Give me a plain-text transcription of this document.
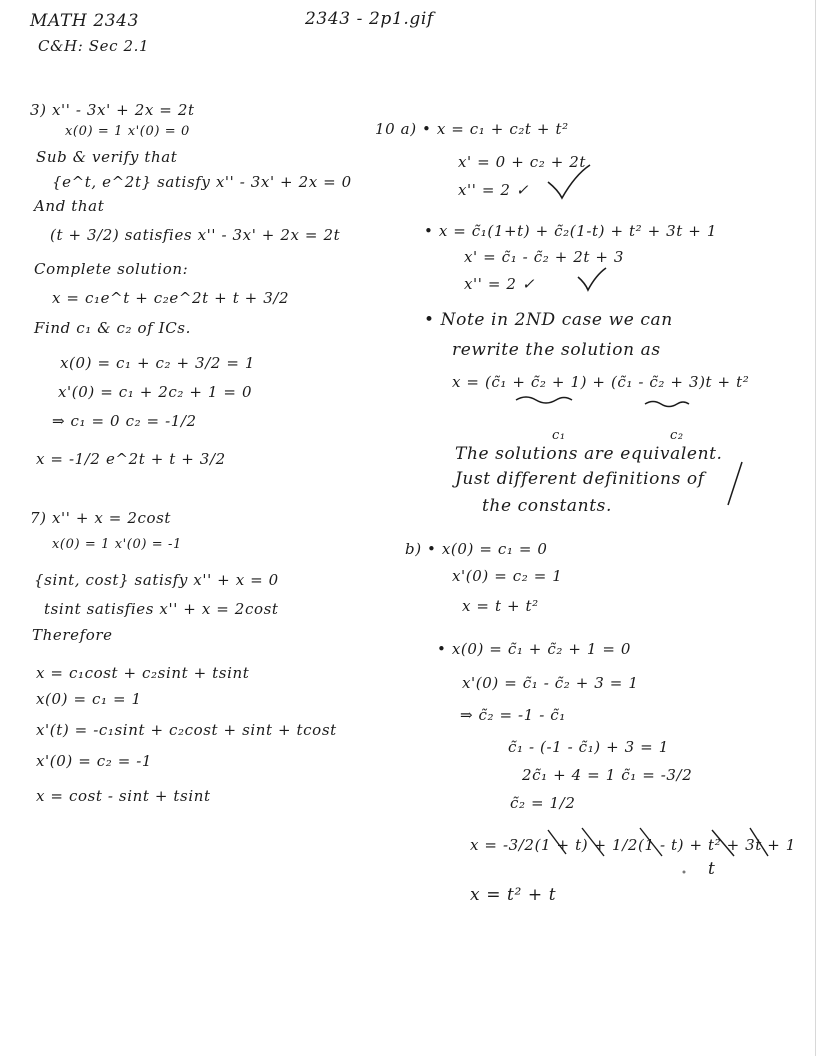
MATH 2343	2343 - 2p1.gif
C&H: Sec 2.1
3) x'' - 3x' + 2x = 2t
x(0) = 1 x'(0) = 0
Sub & verify that
{e^t, e^2t} satisfy x'' - 3x' + 2x = 0
And that
(t + 3/2) satisfies x'' - 3x' + 2x = 2t
Complete solution:
x = c₁e^t + c₂e^2t + t + 3/2
Find c₁ & c₂ of ICs.
x(0) = c₁ + c₂ + 3/2 = 1
x'(0) = c₁ + 2c₂ + 1 = 0
⇒ c₁ = 0 c₂ = -1/2
x = -1/2 e^2t + t + 3/2
7) x'' + x = 2cost
x(0) = 1 x'(0) = -1
{sint, cost} satisfy x'' + x = 0
tsint satisfies x'' + x = 2cost
Therefore
x = c₁cost + c₂sint + tsint
x(0) = c₁ = 1
x'(t) = -c₁sint + c₂cost + sint + tcost
x'(0) = c₂ = -1
x = cost - sint + tsint
10 a) • x = c₁ + c₂t + t²
x' = 0 + c₂ + 2t
x'' = 2 ✓
• x = c̃₁(1+t) + c̃₂(1-t) + t² + 3t + 1
x' = c̃₁ - c̃₂ + 2t + 3
x'' = 2 ✓
• Note in 2ND case we can
rewrite the solution as
x = (c̃₁ + c̃₂ + 1) + (c̃₁ - c̃₂ + 3)t + t²
c₁	c₂
The solutions are equivalent.
Just different definitions of
the constants.
b) • x(0) = c₁ = 0
x'(0) = c₂ = 1
x = t + t²
• x(0) = c̃₁ + c̃₂ + 1 = 0
x'(0) = c̃₁ - c̃₂ + 3 = 1
⇒ c̃₂ = -1 - c̃₁
c̃₁ - (-1 - c̃₁) + 3 = 1
2c̃₁ + 4 = 1 c̃₁ = -3/2
c̃₂ = 1/2
x = -3/2(1 + t) + 1/2(1 - t) + t² + 3t + 1
t
x = t² + t
